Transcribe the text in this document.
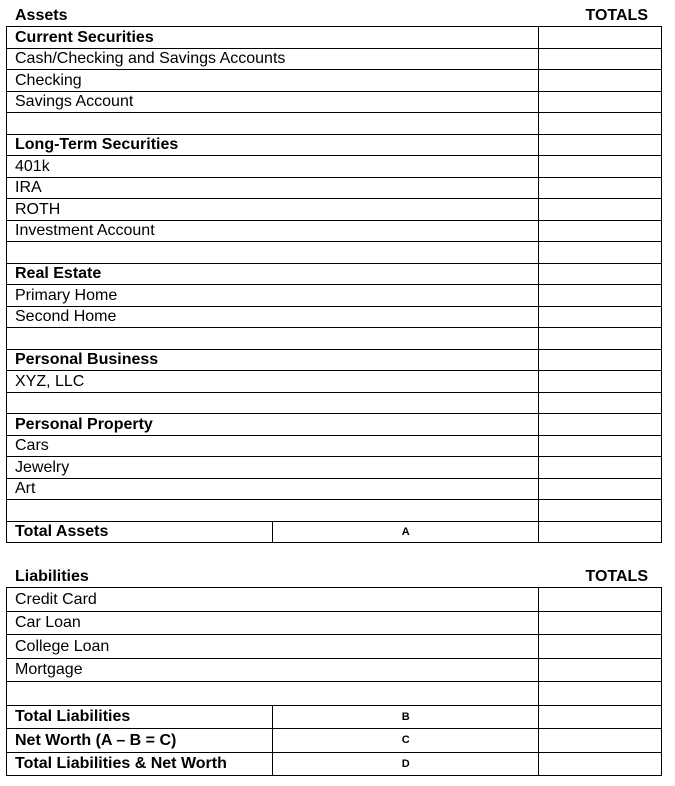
Assets	TOTALS
Current Securities		
Cash/Checking and Savings Accounts		
Checking		
Savings Account		

Long-Term Securities		
401k		
IRA		
ROTH		
Investment Account		

Real Estate		
Primary Home		
Second Home		

Personal Business		
XYZ, LLC		

Personal Property		
Cars		
Jewelry		
Art		

Total Assets	A	
Liabilities	TOTALS
Credit Card		
Car Loan		
College Loan		
Mortgage		

Total Liabilities	B	
Net Worth (A – B = C)	C	
Total Liabilities & Net Worth	D	
